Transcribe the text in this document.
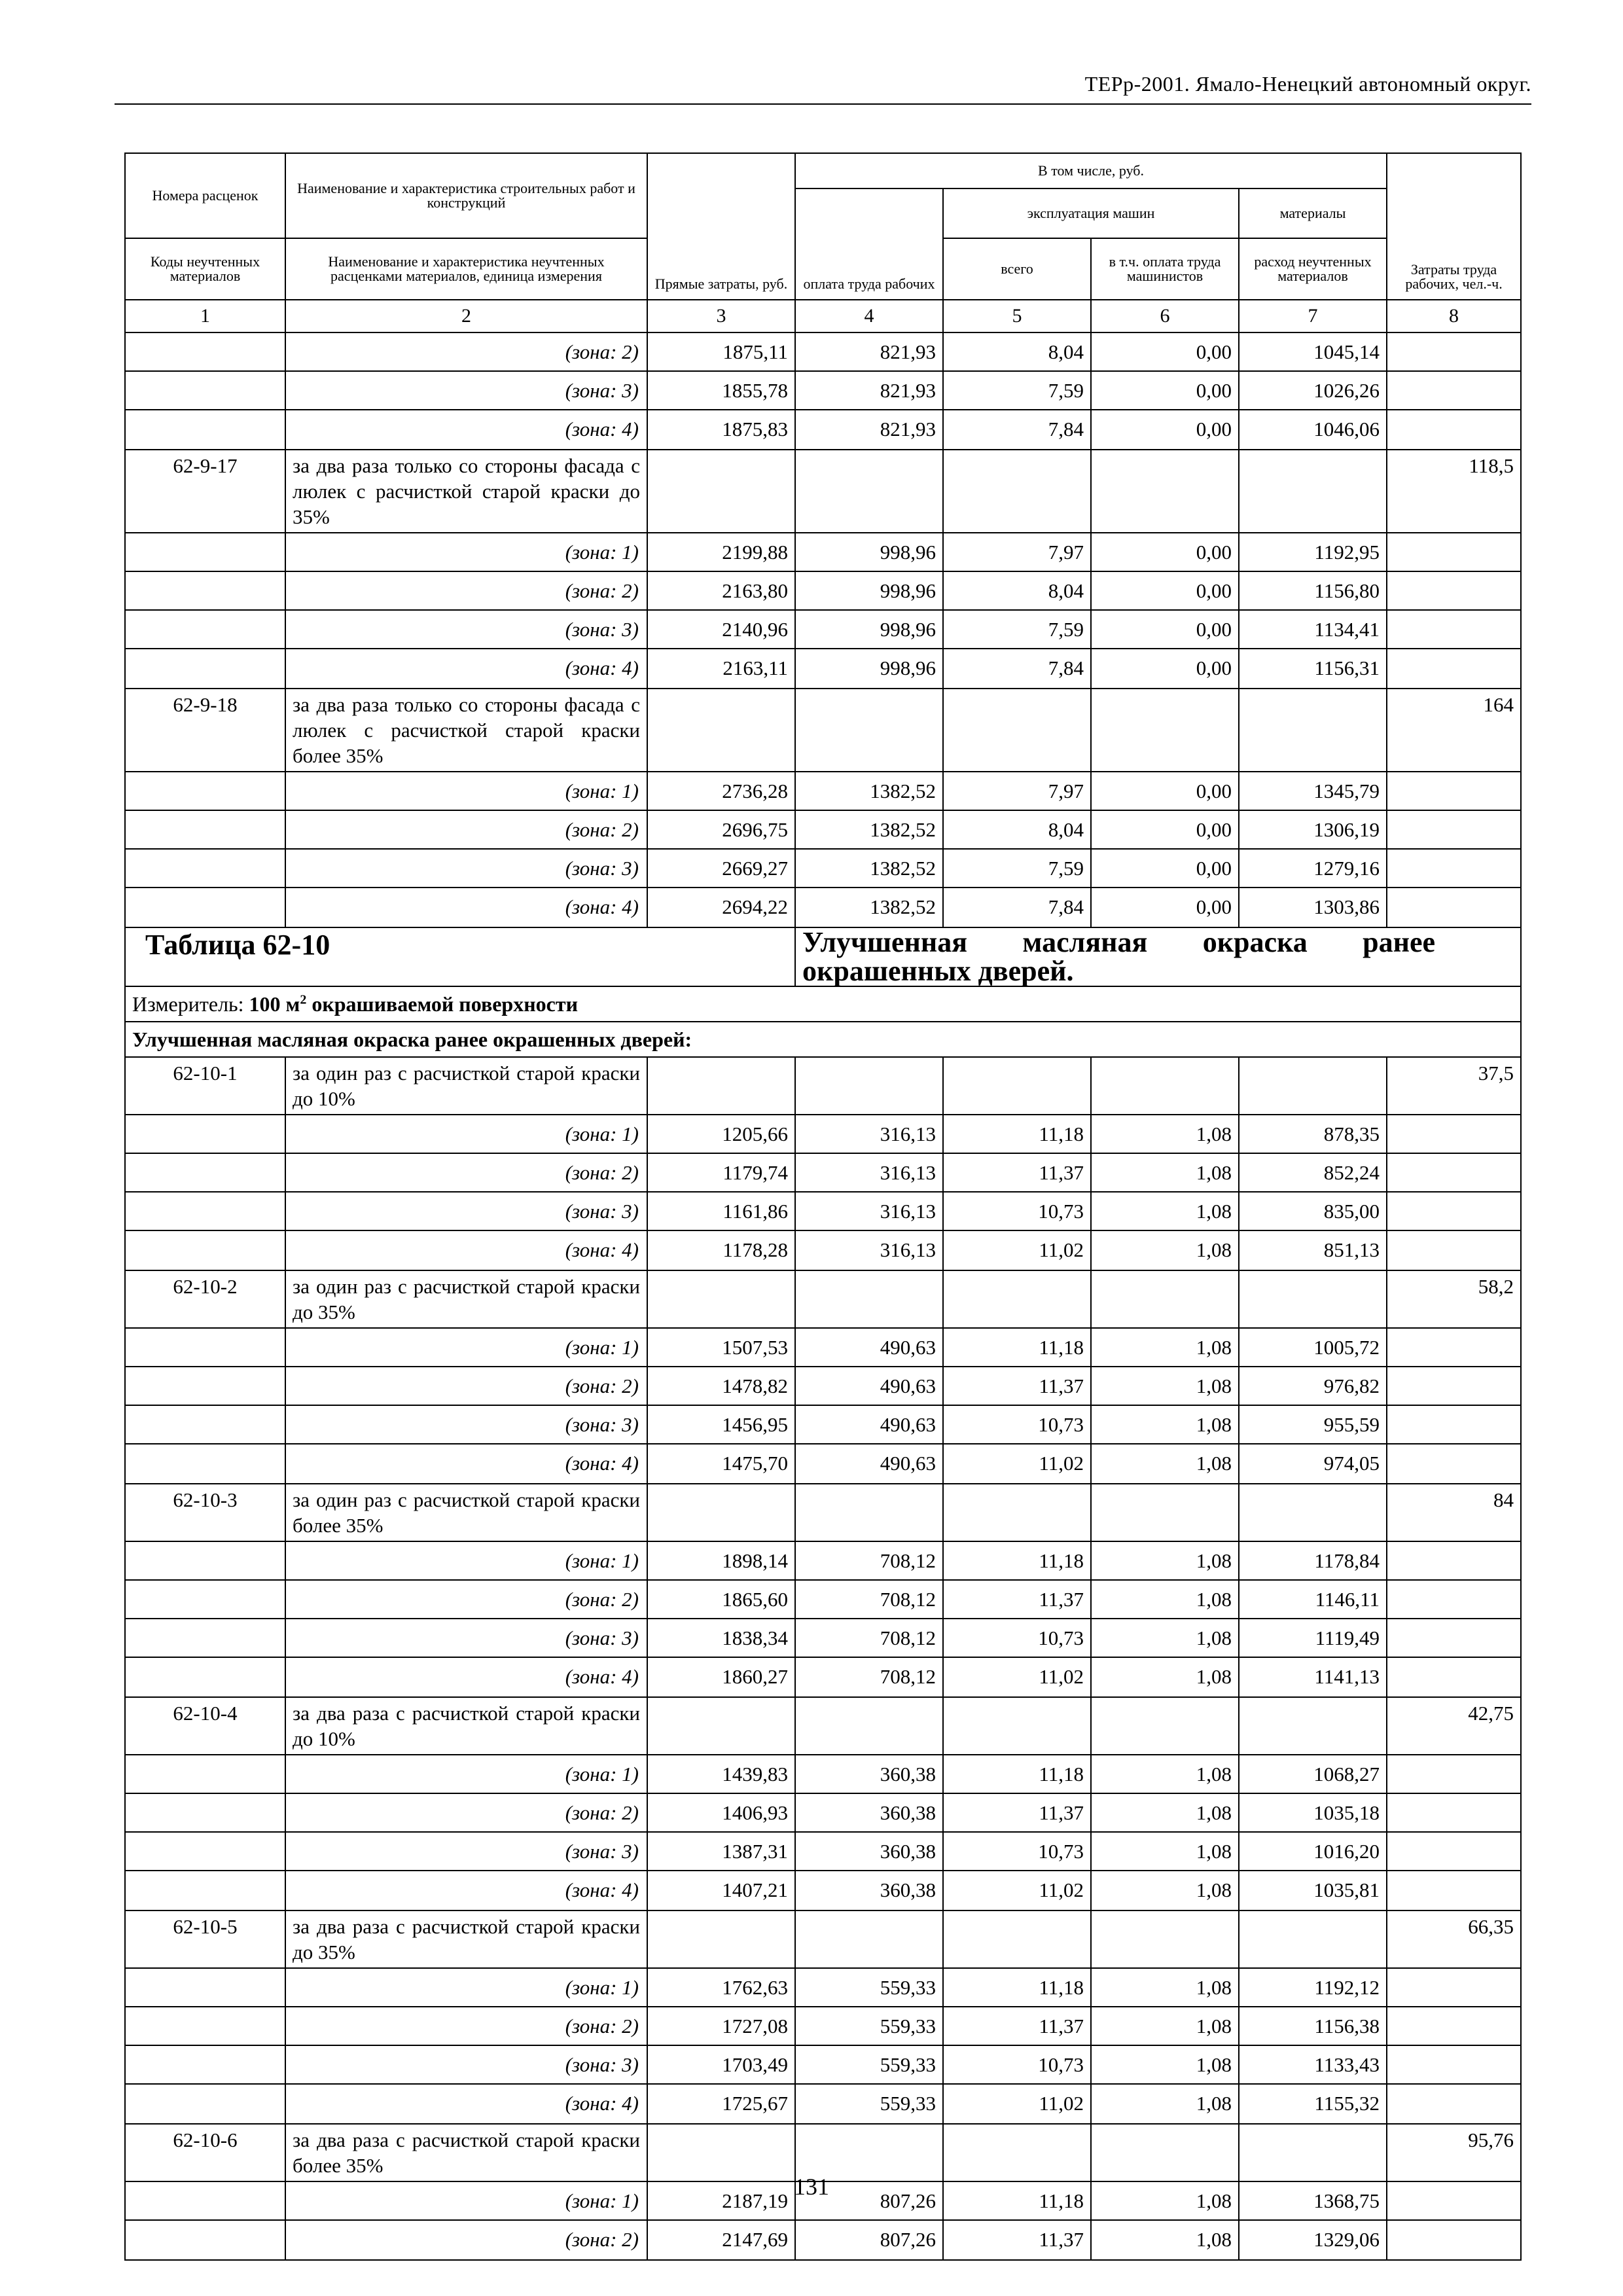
ТЕРр-2001. Ямало-Ненецкий автономный округ.
Номера расценок	Наименование и характеристика строительных работ и конструкций	Прямые затраты, руб.	В том числе, руб.				Затраты труда рабочих, чел.-ч.
			оплата труда рабочих	эксплуатация машин		материалы	
Коды неучтенных материалов	Наименование и характеристика неучтенных расценками материалов, единица измерения			всего	в т.ч. оплата труда машинистов	расход неучтенных материалов	
1	2	3	4	5	6	7	8
	(зона: 2)	1875,11	821,93	8,04	0,00	1045,14	
	(зона: 3)	1855,78	821,93	7,59	0,00	1026,26	
	(зона: 4)	1875,83	821,93	7,84	0,00	1046,06	
62-9-17	за два раза только со стороны фасада с люлек с расчисткой старой краски до 35%						118,5
	(зона: 1)	2199,88	998,96	7,97	0,00	1192,95	
	(зона: 2)	2163,80	998,96	8,04	0,00	1156,80	
	(зона: 3)	2140,96	998,96	7,59	0,00	1134,41	
	(зона: 4)	2163,11	998,96	7,84	0,00	1156,31	
62-9-18	за два раза только со стороны фасада с люлек с расчисткой старой краски более 35%						164
	(зона: 1)	2736,28	1382,52	7,97	0,00	1345,79	
	(зона: 2)	2696,75	1382,52	8,04	0,00	1306,19	
	(зона: 3)	2669,27	1382,52	7,59	0,00	1279,16	
	(зона: 4)	2694,22	1382,52	7,84	0,00	1303,86	
Таблица 62-10			Улучшенная масляная окраска ранее окрашенных дверей.				
Измеритель: 100 $м^2$ окрашиваемой поверхности							
Улучшенная масляная окраска ранее окрашенных дверей:							
62-10-1	за один раз с расчисткой старой краски до 10%						37,5
	(зона: 1)	1205,66	316,13	11,18	1,08	878,35	
	(зона: 2)	1179,74	316,13	11,37	1,08	852,24	
	(зона: 3)	1161,86	316,13	10,73	1,08	835,00	
	(зона: 4)	1178,28	316,13	11,02	1,08	851,13	
62-10-2	за один раз с расчисткой старой краски до 35%						58,2
	(зона: 1)	1507,53	490,63	11,18	1,08	1005,72	
	(зона: 2)	1478,82	490,63	11,37	1,08	976,82	
	(зона: 3)	1456,95	490,63	10,73	1,08	955,59	
	(зона: 4)	1475,70	490,63	11,02	1,08	974,05	
62-10-3	за один раз с расчисткой старой краски более 35%						84
	(зона: 1)	1898,14	708,12	11,18	1,08	1178,84	
	(зона: 2)	1865,60	708,12	11,37	1,08	1146,11	
	(зона: 3)	1838,34	708,12	10,73	1,08	1119,49	
	(зона: 4)	1860,27	708,12	11,02	1,08	1141,13	
62-10-4	за два раза с расчисткой старой краски до 10%						42,75
	(зона: 1)	1439,83	360,38	11,18	1,08	1068,27	
	(зона: 2)	1406,93	360,38	11,37	1,08	1035,18	
	(зона: 3)	1387,31	360,38	10,73	1,08	1016,20	
	(зона: 4)	1407,21	360,38	11,02	1,08	1035,81	
62-10-5	за два раза с расчисткой старой краски до 35%						66,35
	(зона: 1)	1762,63	559,33	11,18	1,08	1192,12	
	(зона: 2)	1727,08	559,33	11,37	1,08	1156,38	
	(зона: 3)	1703,49	559,33	10,73	1,08	1133,43	
	(зона: 4)	1725,67	559,33	11,02	1,08	1155,32	
62-10-6	за два раза с расчисткой старой краски более 35%						95,76
	(зона: 1)	2187,19	807,26	11,18	1,08	1368,75	
	(зона: 2)	2147,69	807,26	11,37	1,08	1329,06	
131
